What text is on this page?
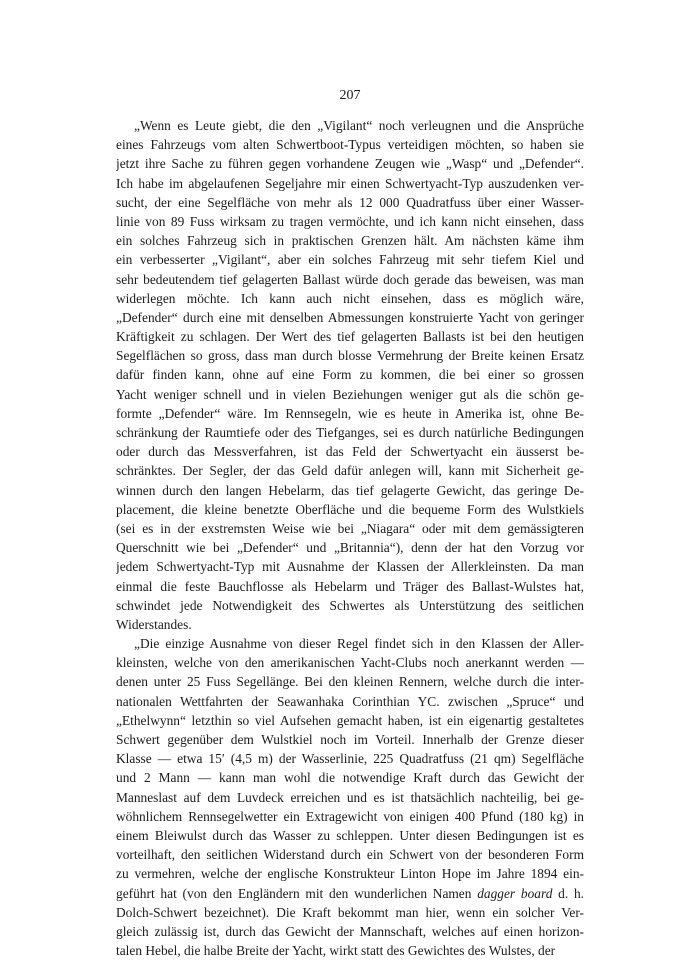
207
„Wenn es Leute giebt, die den „Vigilant“ noch verleugnen und die Ansprüche
eines Fahrzeugs vom alten Schwertboot-Typus verteidigen möchten, so haben sie
jetzt ihre Sache zu führen gegen vorhandene Zeugen wie „Wasp“ und „Defender“.
Ich habe im abgelaufenen Segeljahre mir einen Schwertyacht-Typ auszudenken ver-
sucht, der eine Segelfläche von mehr als 12 000 Quadratfuss über einer Wasser-
linie von 89 Fuss wirksam zu tragen vermöchte, und ich kann nicht einsehen, dass
ein solches Fahrzeug sich in praktischen Grenzen hält. Am nächsten käme ihm
ein verbesserter „Vigilant“, aber ein solches Fahrzeug mit sehr tiefem Kiel und
sehr bedeutendem tief gelagerten Ballast würde doch gerade das beweisen, was man
widerlegen möchte. Ich kann auch nicht einsehen, dass es möglich wäre,
„Defender“ durch eine mit denselben Abmessungen konstruierte Yacht von geringer
Kräftigkeit zu schlagen. Der Wert des tief gelagerten Ballasts ist bei den heutigen
Segelflächen so gross, dass man durch blosse Vermehrung der Breite keinen Ersatz
dafür finden kann, ohne auf eine Form zu kommen, die bei einer so grossen
Yacht weniger schnell und in vielen Beziehungen weniger gut als die schön ge-
formte „Defender“ wäre. Im Rennsegeln, wie es heute in Amerika ist, ohne Be-
schränkung der Raumtiefe oder des Tiefganges, sei es durch natürliche Bedingungen
oder durch das Messverfahren, ist das Feld der Schwertyacht ein äusserst be-
schränktes. Der Segler, der das Geld dafür anlegen will, kann mit Sicherheit ge-
winnen durch den langen Hebelarm, das tief gelagerte Gewicht, das geringe De-
placement, die kleine benetzte Oberfläche und die bequeme Form des Wulstkiels
(sei es in der exstremsten Weise wie bei „Niagara“ oder mit dem gemässigteren
Querschnitt wie bei „Defender“ und „Britannia“), denn der hat den Vorzug vor
jedem Schwertyacht-Typ mit Ausnahme der Klassen der Allerkleinsten. Da man
einmal die feste Bauchflosse als Hebelarm und Träger des Ballast-Wulstes hat,
schwindet jede Notwendigkeit des Schwertes als Unterstützung des seitlichen
Widerstandes.
„Die einzige Ausnahme von dieser Regel findet sich in den Klassen der Aller-
kleinsten, welche von den amerikanischen Yacht-Clubs noch anerkannt werden —
denen unter 25 Fuss Segellänge. Bei den kleinen Rennern, welche durch die inter-
nationalen Wettfahrten der Seawanhaka Corinthian YC. zwischen „Spruce“ und
„Ethelwynn“ letzthin so viel Aufsehen gemacht haben, ist ein eigenartig gestaltetes
Schwert gegenüber dem Wulstkiel noch im Vorteil. Innerhalb der Grenze dieser
Klasse — etwa 15′ (4,5 m) der Wasserlinie, 225 Quadratfuss (21 qm) Segelfläche
und 2 Mann — kann man wohl die notwendige Kraft durch das Gewicht der
Manneslast auf dem Luvdeck erreichen und es ist thatsächlich nachteilig, bei ge-
wöhnlichem Rennsegelwetter ein Extragewicht von einigen 400 Pfund (180 kg) in
einem Bleiwulst durch das Wasser zu schleppen. Unter diesen Bedingungen ist es
vorteilhaft, den seitlichen Widerstand durch ein Schwert von der besonderen Form
zu vermehren, welche der englische Konstrukteur Linton Hope im Jahre 1894 ein-
geführt hat (von den Engländern mit den wunderlichen Namen dagger board d. h.
Dolch-Schwert bezeichnet). Die Kraft bekommt man hier, wenn ein solcher Ver-
gleich zulässig ist, durch das Gewicht der Mannschaft, welches auf einen horizon-
talen Hebel, die halbe Breite der Yacht, wirkt statt des Gewichtes des Wulstes, der
